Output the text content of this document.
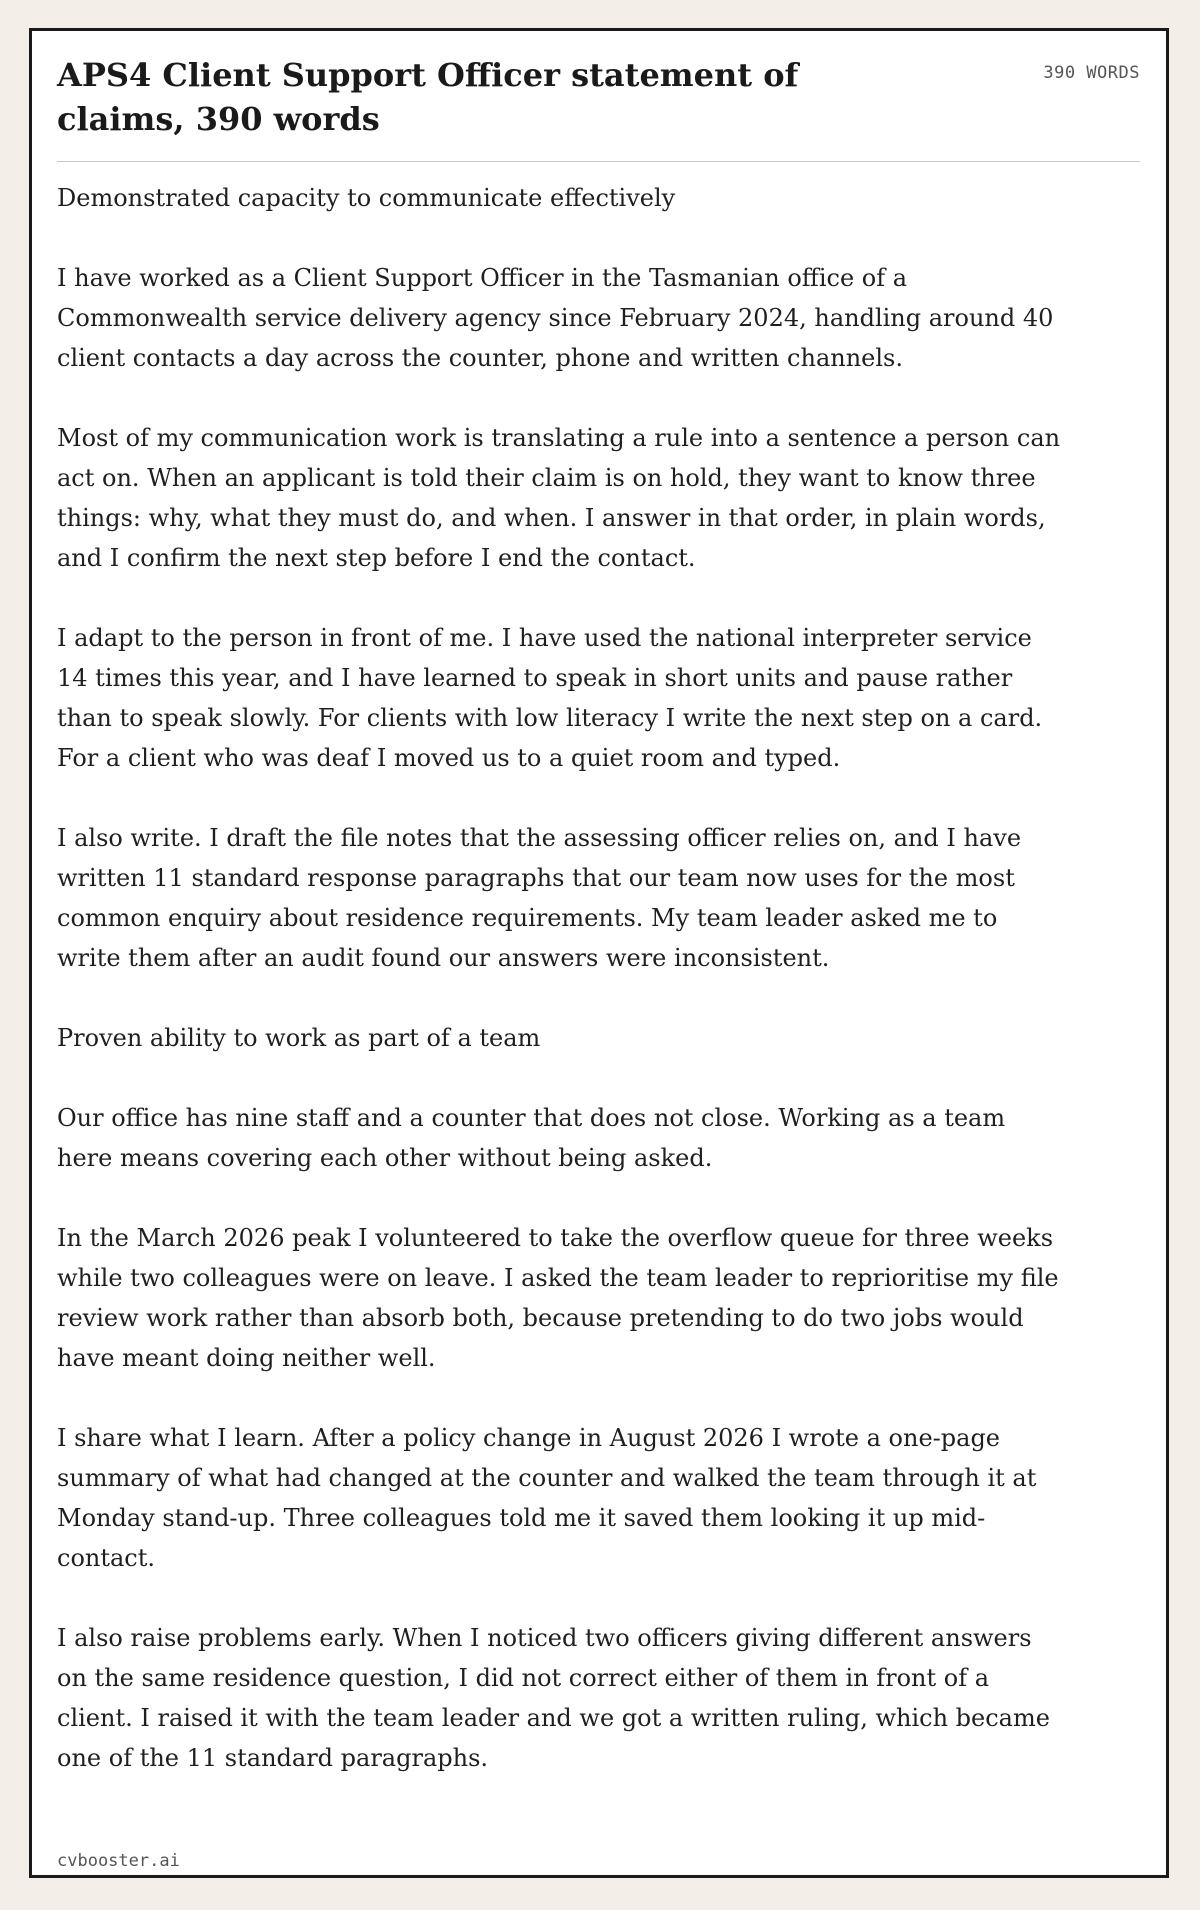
APS4 Client Support Officer statement of claims, 390 words
390 WORDS

Demonstrated capacity to communicate effectively

I have worked as a Client Support Officer in the Tasmanian office of a Commonwealth service delivery agency since February 2024, handling around 40 client contacts a day across the counter, phone and written channels.

Most of my communication work is translating a rule into a sentence a person can act on. When an applicant is told their claim is on hold, they want to know three things: why, what they must do, and when. I answer in that order, in plain words, and I confirm the next step before I end the contact.

I adapt to the person in front of me. I have used the national interpreter service 14 times this year, and I have learned to speak in short units and pause rather than to speak slowly. For clients with low literacy I write the next step on a card. For a client who was deaf I moved us to a quiet room and typed.

I also write. I draft the file notes that the assessing officer relies on, and I have written 11 standard response paragraphs that our team now uses for the most common enquiry about residence requirements. My team leader asked me to write them after an audit found our answers were inconsistent.

Proven ability to work as part of a team

Our office has nine staff and a counter that does not close. Working as a team here means covering each other without being asked.

In the March 2026 peak I volunteered to take the overflow queue for three weeks while two colleagues were on leave. I asked the team leader to reprioritise my file review work rather than absorb both, because pretending to do two jobs would have meant doing neither well.

I share what I learn. After a policy change in August 2026 I wrote a one-page summary of what had changed at the counter and walked the team through it at Monday stand-up. Three colleagues told me it saved them looking it up mid-contact.

I also raise problems early. When I noticed two officers giving different answers on the same residence question, I did not correct either of them in front of a client. I raised it with the team leader and we got a written ruling, which became one of the 11 standard paragraphs.

cvbooster.ai
